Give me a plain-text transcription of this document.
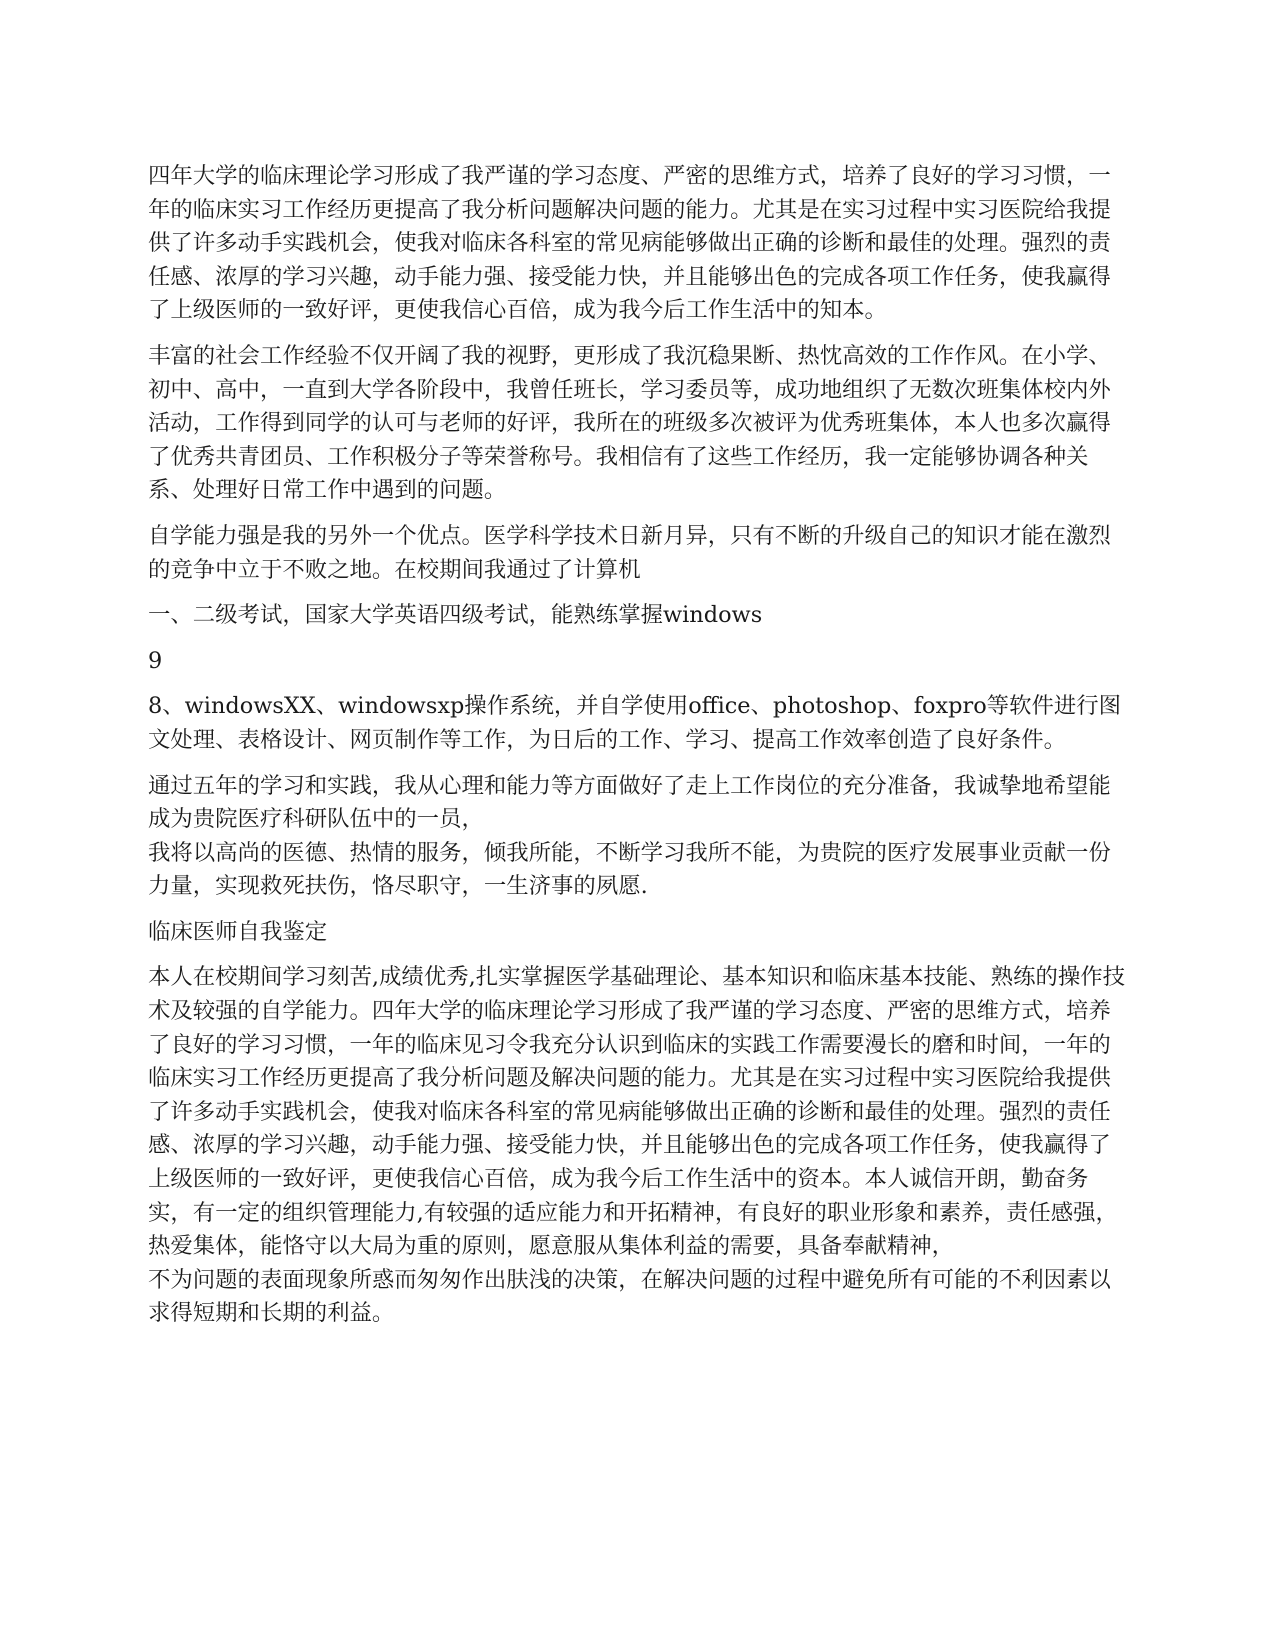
四年大学的临床理论学习形成了我严谨的学习态度、严密的思维方式，培养了良好的学习习惯，一年的临床实习工作经历更提高了我分析问题解决问题的能力。尤其是在实习过程中实习医院给我提供了许多动手实践机会，使我对临床各科室的常见病能够做出正确的诊断和最佳的处理。强烈的责任感、浓厚的学习兴趣，动手能力强、接受能力快，并且能够出色的完成各项工作任务，使我赢得了上级医师的一致好评，更使我信心百倍，成为我今后工作生活中的知本。

丰富的社会工作经验不仅开阔了我的视野，更形成了我沉稳果断、热忱高效的工作作风。在小学、初中、高中，一直到大学各阶段中，我曾任班长，学习委员等，成功地组织了无数次班集体校内外活动，工作得到同学的认可与老师的好评，我所在的班级多次被评为优秀班集体，本人也多次赢得了优秀共青团员、工作积极分子等荣誉称号。我相信有了这些工作经历，我一定能够协调各种关系、处理好日常工作中遇到的问题。

自学能力强是我的另外一个优点。医学科学技术日新月异，只有不断的升级自己的知识才能在激烈的竞争中立于不败之地。在校期间我通过了计算机

一、二级考试，国家大学英语四级考试，能熟练掌握windows

9

8、windowsXX、windowsxp操作系统，并自学使用office、photoshop、foxpro等软件进行图文处理、表格设计、网页制作等工作，为日后的工作、学习、提高工作效率创造了良好条件。

通过五年的学习和实践，我从心理和能力等方面做好了走上工作岗位的充分准备，我诚挚地希望能成为贵院医疗科研队伍中的一员，
我将以高尚的医德、热情的服务，倾我所能，不断学习我所不能，为贵院的医疗发展事业贡献一份力量，实现救死扶伤，恪尽职守，一生济事的夙愿.

临床医师自我鉴定

本人在校期间学习刻苦,成绩优秀,扎实掌握医学基础理论、基本知识和临床基本技能、熟练的操作技术及较强的自学能力。四年大学的临床理论学习形成了我严谨的学习态度、严密的思维方式，培养了良好的学习习惯，一年的临床见习令我充分认识到临床的实践工作需要漫长的磨和时间，一年的临床实习工作经历更提高了我分析问题及解决问题的能力。尤其是在实习过程中实习医院给我提供了许多动手实践机会，使我对临床各科室的常见病能够做出正确的诊断和最佳的处理。强烈的责任感、浓厚的学习兴趣，动手能力强、接受能力快，并且能够出色的完成各项工作任务，使我赢得了上级医师的一致好评，更使我信心百倍，成为我今后工作生活中的资本。本人诚信开朗，勤奋务实，有一定的组织管理能力,有较强的适应能力和开拓精神，有良好的职业形象和素养，责任感强，热爱集体，能恪守以大局为重的原则，愿意服从集体利益的需要，具备奉献精神，
不为问题的表面现象所惑而匆匆作出肤浅的决策，在解决问题的过程中避免所有可能的不利因素以求得短期和长期的利益。
